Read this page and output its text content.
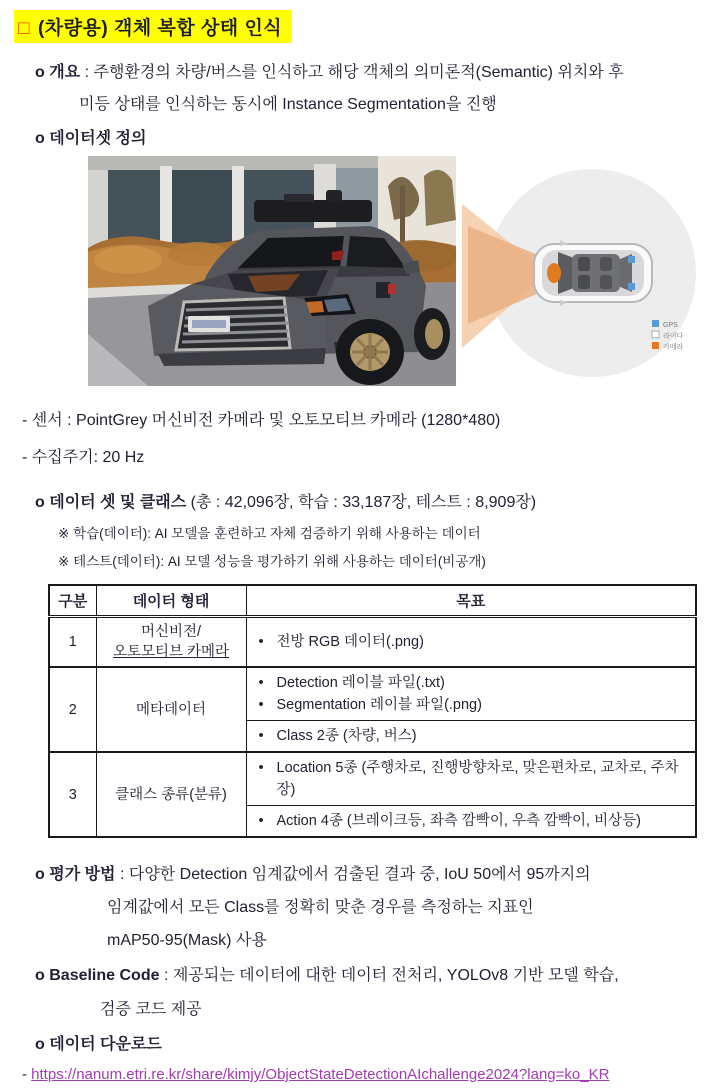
□ (차량용) 객체 복합 상태 인식
o 개요 : 주행환경의 차량/버스를 인식하고 해당 객체의 의미론적(Semantic) 위치와 후
미등 상태를 인식하는 동시에 Instance Segmentation을 진행
o 데이터셋 정의
GPS
라이다
카메라
- 센서 : PointGrey 머신비전 카메라 및 오토모티브 카메라 (1280*480)
- 수집주기: 20 Hz
o 데이터 셋 및 클래스 (총 : 42,096장, 학습 : 33,187장, 테스트 : 8,909장)
※ 학습(데이터): AI 모델을 훈련하고 자체 검증하기 위해 사용하는 데이터
※ 테스트(데이터): AI 모델 성능을 평가하기 위해 사용하는 데이터(비공개)
구분	데이터 형태	목표
1	머신비전/
오토모티브 카메라	• 전방 RGB 데이터(.png)

2	메타데이터	• Detection 레이블 파일(.txt)
• Segmentation 레이블 파일(.png)

		• Class 2종 (차량, 버스)

3	클래스 종류(분류)	• Location 5종 (주행차로, 진행방향차로, 맞은편차로, 교차로, 주차장)

		• Action 4종 (브레이크등, 좌측 깜빡이, 우측 깜빡이, 비상등)
o 평가 방법 : 다양한 Detection 임계값에서 검출된 결과 중, IoU 50에서 95까지의
임계값에서 모든 Class를 정확히 맞춘 경우를 측정하는 지표인
mAP50-95(Mask) 사용
o Baseline Code : 제공되는 데이터에 대한 데이터 전처리, YOLOv8 기반 모델 학습,
검증 코드 제공
o 데이터 다운로드
- https://nanum.etri.re.kr/share/kimjy/ObjectStateDetectionAIchallenge2024?lang=ko_KR
